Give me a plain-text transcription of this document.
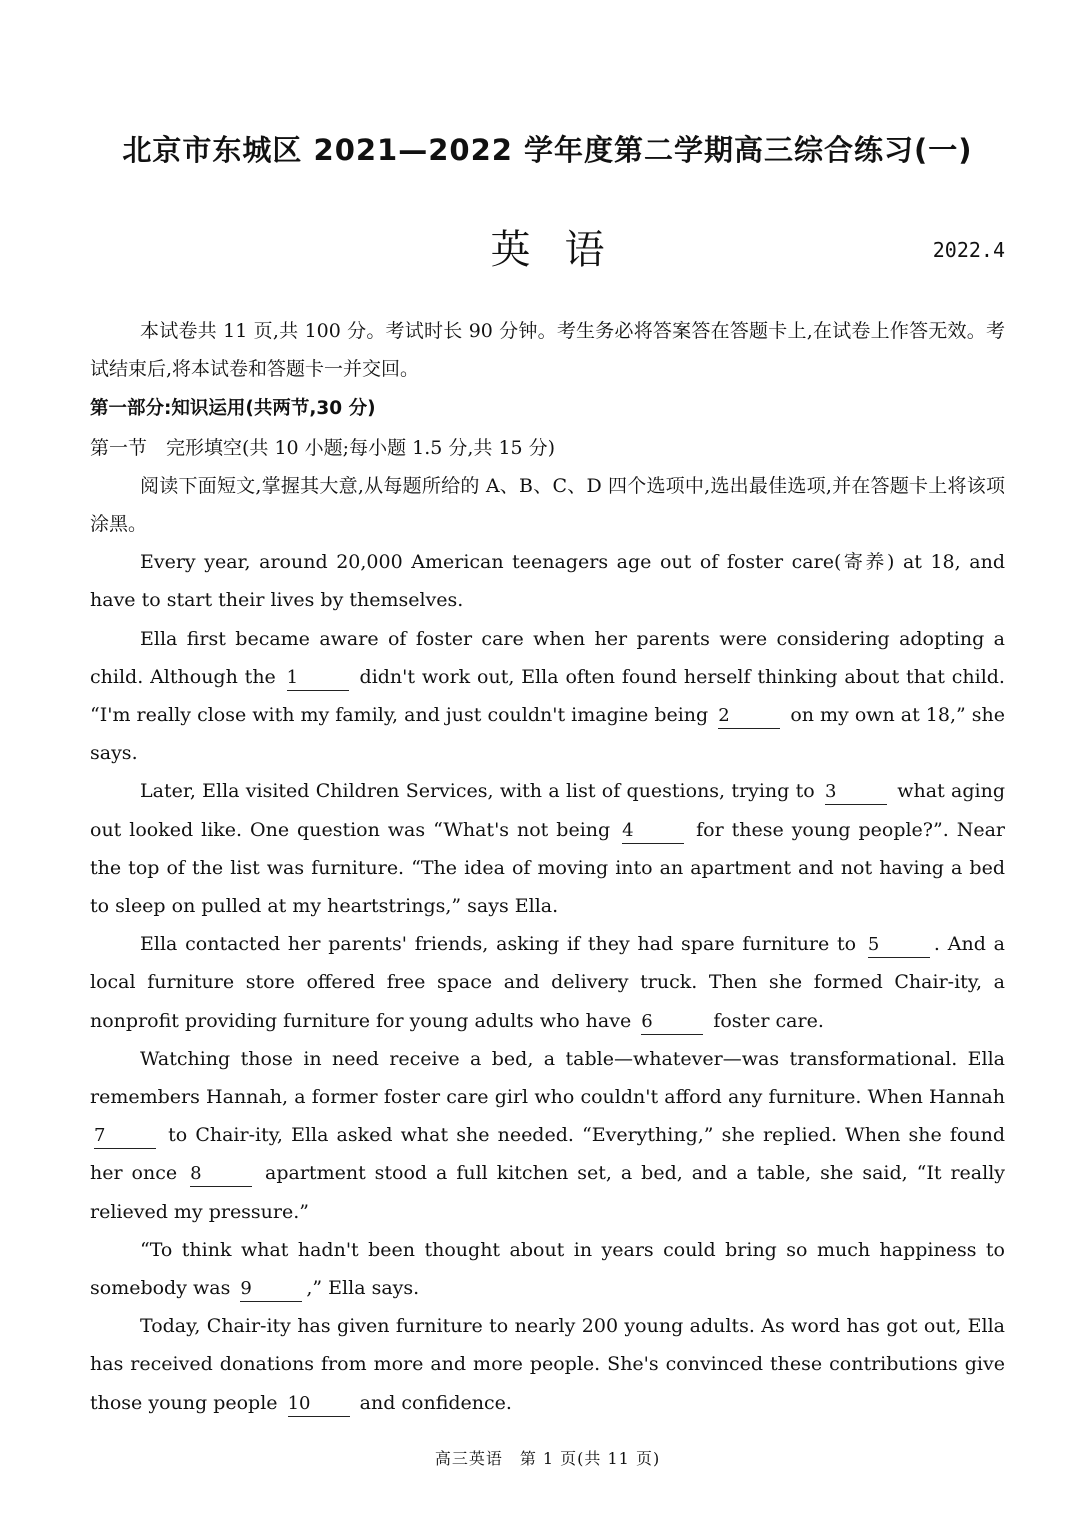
北京市东城区 2021—2022 学年度第二学期高三综合练习(一)
英语	2022.4

本试卷共 11 页,共 100 分。考试时长 90 分钟。考生务必将答案答在答题卡上,在试卷上作答无效。考试结束后,将本试卷和答题卡一并交回。

第一部分:知识运用(共两节,30 分)

第一节　完形填空(共 10 小题;每小题 1.5 分,共 15 分)

阅读下面短文,掌握其大意,从每题所给的 A、B、C、D 四个选项中,选出最佳选项,并在答题卡上将该项涂黑。

Every year, around 20,000 American teenagers age out of foster care(寄养) at 18, and have to start their lives by themselves.

Ella first became aware of foster care when her parents were considering adopting a child. Although the 1	didn't work out, Ella often found herself thinking about that child. “I'm really close with my family, and just couldn't imagine being 2	on my own at 18,” she says.

Later, Ella visited Children Services, with a list of questions, trying to 3	what aging out looked like. One question was “What's not being 4	for these young people?”. Near the top of the list was furniture. “The idea of moving into an apartment and not having a bed to sleep on pulled at my heartstrings,” says Ella.

Ella contacted her parents' friends, asking if they had spare furniture to 5	. And a local furniture store offered free space and delivery truck. Then she formed Chair-ity, a nonprofit providing furniture for young adults who have 6	foster care.

Watching those in need receive a bed, a table—whatever—was transformational. Ella remembers Hannah, a former foster care girl who couldn't afford any furniture. When Hannah 7	to Chair-ity, Ella asked what she needed. “Everything,” she replied. When she found her once 8	apartment stood a full kitchen set, a bed, and a table, she said, “It really relieved my pressure.”

“To think what hadn't been thought about in years could bring so much happiness to somebody was 9	,” Ella says.

Today, Chair-ity has given furniture to nearly 200 young adults. As word has got out, Ella has received donations from more and more people. She's convinced these contributions give those young people 10	and confidence.

高三英语　第 1 页(共 11 页)
